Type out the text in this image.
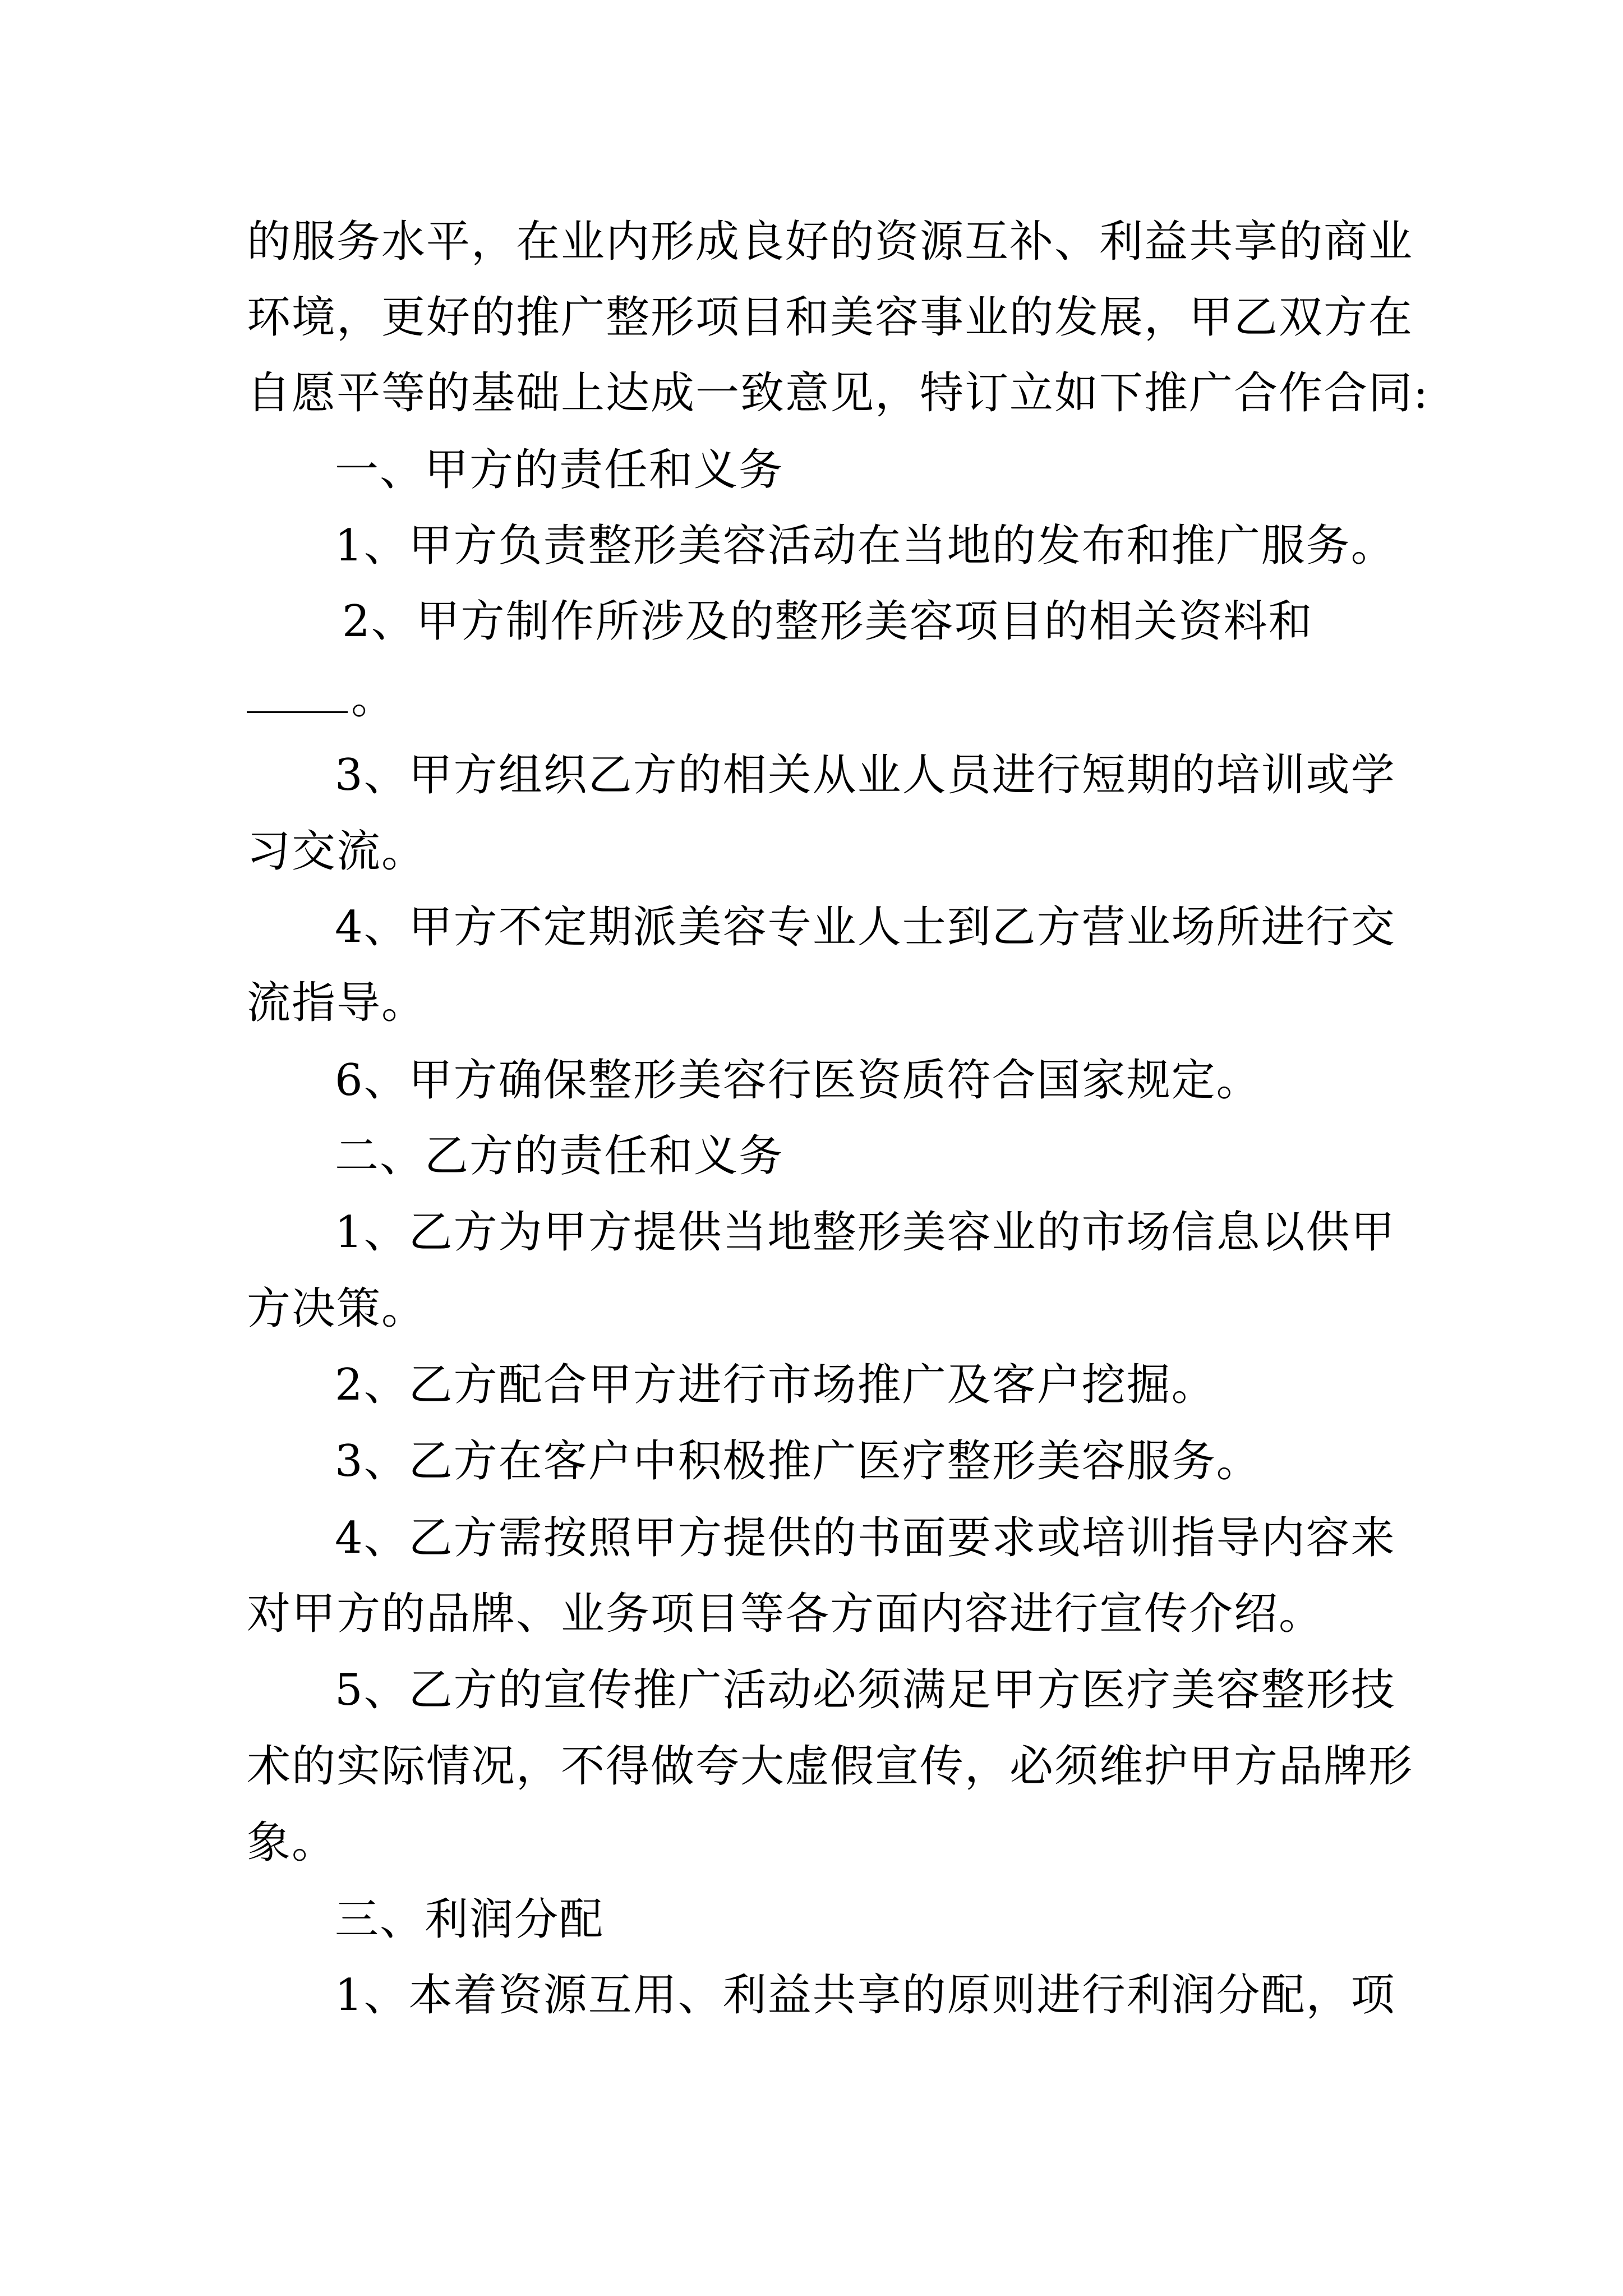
的服务水平，在业内形成良好的资源互补、利益共享的商业
环境，更好的推广整形项目和美容事业的发展，甲乙双方在
自愿平等的基础上达成一致意见，特订立如下推广合作合同:
一、甲方的责任和义务
1、甲方负责整形美容活动在当地的发布和推广服务。
2、甲方制作所涉及的整形美容项目的相关资料和
。
3、甲方组织乙方的相关从业人员进行短期的培训或学
习交流。
4、甲方不定期派美容专业人士到乙方营业场所进行交
流指导。
6、甲方确保整形美容行医资质符合国家规定。
二、乙方的责任和义务
1、乙方为甲方提供当地整形美容业的市场信息以供甲
方决策。
2、乙方配合甲方进行市场推广及客户挖掘。
3、乙方在客户中积极推广医疗整形美容服务。
4、乙方需按照甲方提供的书面要求或培训指导内容来
对甲方的品牌、业务项目等各方面内容进行宣传介绍。
5、乙方的宣传推广活动必须满足甲方医疗美容整形技
术的实际情况，不得做夸大虚假宣传，必须维护甲方品牌形
象。
三、利润分配
1、本着资源互用、利益共享的原则进行利润分配，项
